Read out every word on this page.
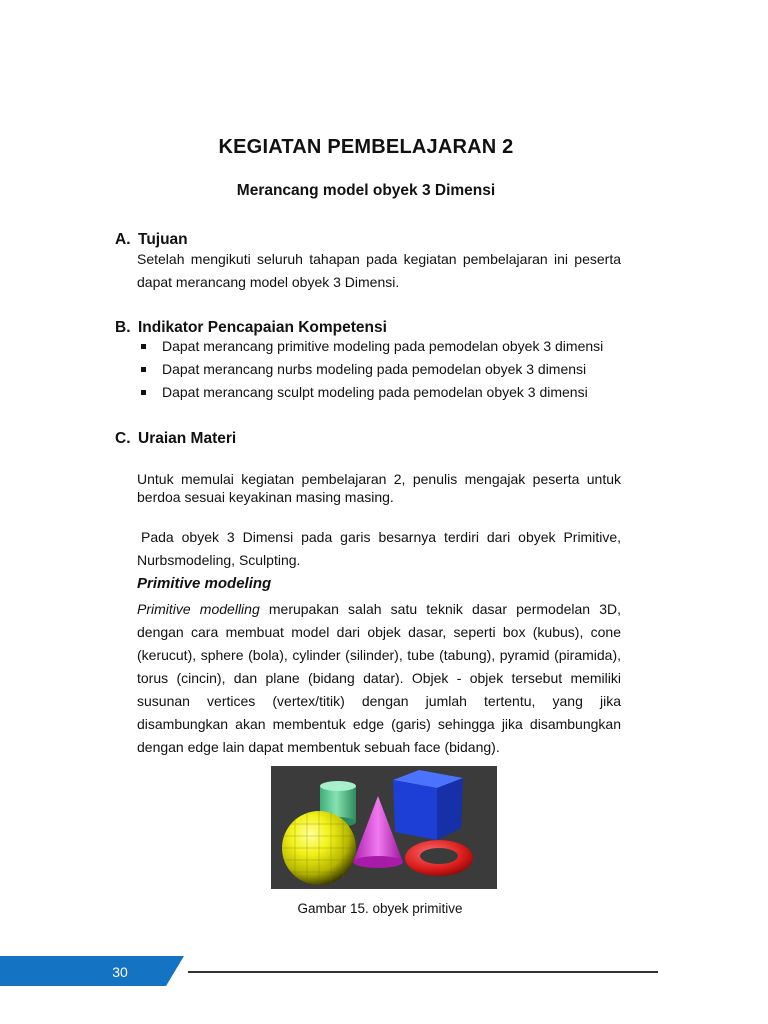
KEGIATAN PEMBELAJARAN 2
Merancang model obyek 3 Dimensi
A. Tujuan
Setelah mengikuti seluruh tahapan pada kegiatan pembelajaran ini peserta dapat merancang model obyek 3 Dimensi.
B. Indikator Pencapaian Kompetensi
Dapat merancang primitive modeling pada pemodelan obyek 3 dimensi
Dapat merancang nurbs modeling pada pemodelan obyek 3 dimensi
Dapat merancang sculpt modeling pada pemodelan obyek 3 dimensi
C. Uraian Materi
Untuk memulai kegiatan pembelajaran 2, penulis mengajak peserta untuk berdoa sesuai keyakinan masing masing.
Pada obyek 3 Dimensi pada garis besarnya terdiri dari obyek Primitive, Nurbsmodeling, Sculpting.
Primitive modeling
Primitive modelling merupakan salah satu teknik dasar permodelan 3D, dengan cara membuat model dari objek dasar, seperti box (kubus), cone (kerucut), sphere (bola), cylinder (silinder), tube (tabung), pyramid (piramida), torus (cincin), dan plane (bidang datar). Objek - objek tersebut memiliki susunan vertices (vertex/titik) dengan jumlah tertentu, yang jika disambungkan akan membentuk edge (garis) sehingga jika disambungkan dengan edge lain dapat membentuk sebuah face (bidang).
Gambar 15. obyek primitive
30
